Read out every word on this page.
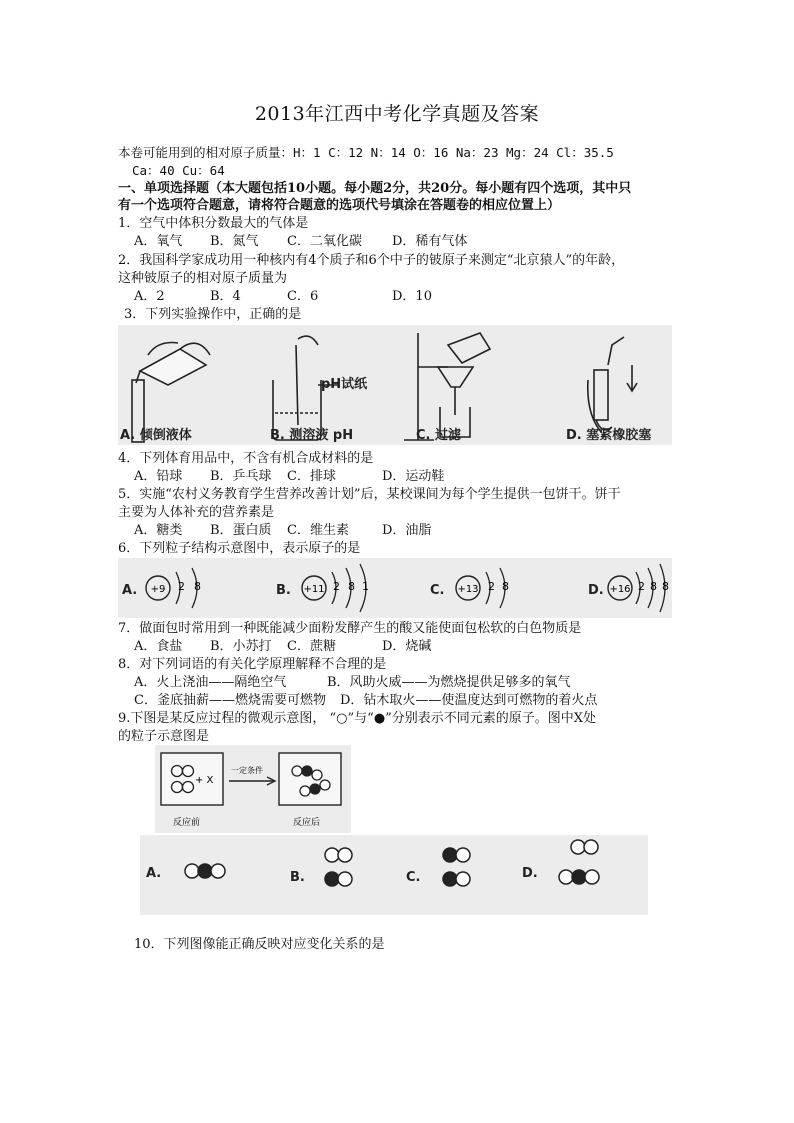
2013年江西中考化学真题及答案
本卷可能用到的相对原子质量：H：1 C：12 N：14 O：16 Na：23 Mg：24 Cl：35.5
Ca：40 Cu：64
一、单项选择题（本大题包括10小题。每小题2分，共20分。每小题有四个选项，其中只
有一个选项符合题意，请将符合题意的选项代号填涂在答题卷的相应位置上）
1．空气中体积分数最大的气体是
A．氧气 B．氮气 C．二氧化碳 D．稀有气体
2．我国科学家成功用一种核内有4个质子和6个中子的铍原子来测定“北京猿人”的年龄，
这种铍原子的相对原子质量为
A．2	B．4	C．6	D．10
3．下列实验操作中，正确的是
pH试纸
A. 倾倒液体	B. 测溶液 pH	C. 过滤	D. 塞紧橡胶塞
4．下列体育用品中，不含有机合成材料的是
A．铅球 B．乒乓球 C．排球	D．运动鞋
5．实施“农村义务教育学生营养改善计划”后，某校课间为每个学生提供一包饼干。饼干
主要为人体补充的营养素是
A．糖类 B．蛋白质 C．维生素	D．油脂
6．下列粒子结构示意图中，表示原子的是
A. +9 2 8	B. +11 2 8 1	C. +13 2 8	D. +16 2 8 8
7．做面包时常用到一种既能减少面粉发酵产生的酸又能使面包松软的白色物质是
A．食盐 B．小苏打 C．蔗糖	D．烧碱
8．对下列词语的有关化学原理解释不合理的是
A．火上浇油——隔绝空气	B．风助火威——为燃烧提供足够多的氧气
C．釜底抽薪——燃烧需要可燃物 D．钻木取火——使温度达到可燃物的着火点
9.下图是某反应过程的微观示意图， “○”与“●”分别表示不同元素的原子。图中X处
的粒子示意图是
+ X
一定条件
反应前	反应后
A.	B.	C.	D.
10．下列图像能正确反映对应变化关系的是
